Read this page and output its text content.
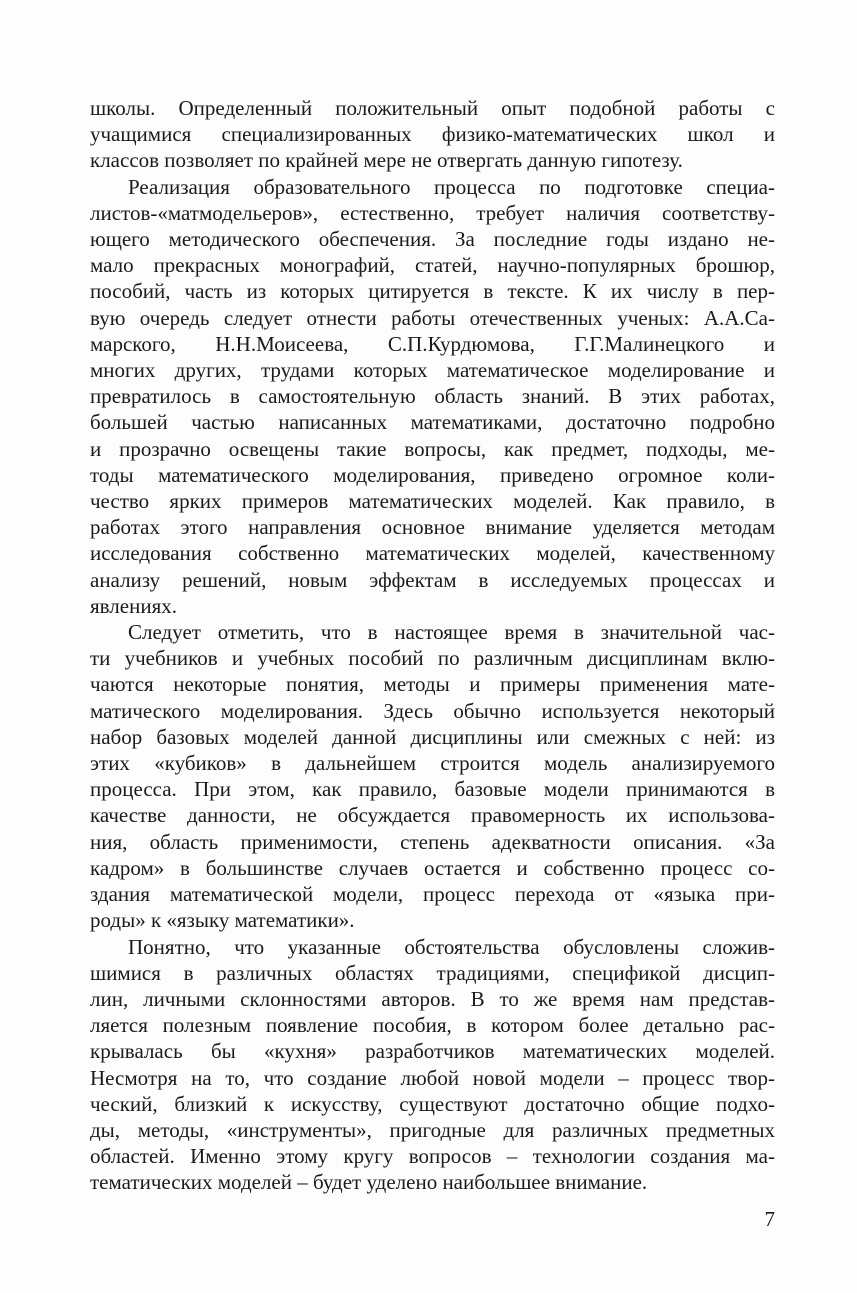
школы. Определенный положительный опыт подобной работы с
учащимися специализированных физико-математических школ и
классов позволяет по крайней мере не отвергать данную гипотезу.
Реализация образовательного процесса по подготовке специа-
листов-«матмодельеров», естественно, требует наличия соответству-
ющего методического обеспечения. За последние годы издано не-
мало прекрасных монографий, статей, научно-популярных брошюр,
пособий, часть из которых цитируется в тексте. К их числу в пер-
вую очередь следует отнести работы отечественных ученых: А.А.Са-
марского, Н.Н.Моисеева, С.П.Курдюмова, Г.Г.Малинецкого и
многих других, трудами которых математическое моделирование и
превратилось в самостоятельную область знаний. В этих работах,
большей частью написанных математиками, достаточно подробно
и прозрачно освещены такие вопросы, как предмет, подходы, ме-
тоды математического моделирования, приведено огромное коли-
чество ярких примеров математических моделей. Как правило, в
работах этого направления основное внимание уделяется методам
исследования собственно математических моделей, качественному
анализу решений, новым эффектам в исследуемых процессах и
явлениях.
Следует отметить, что в настоящее время в значительной час-
ти учебников и учебных пособий по различным дисциплинам вклю-
чаются некоторые понятия, методы и примеры применения мате-
матического моделирования. Здесь обычно используется некоторый
набор базовых моделей данной дисциплины или смежных с ней: из
этих «кубиков» в дальнейшем строится модель анализируемого
процесса. При этом, как правило, базовые модели принимаются в
качестве данности, не обсуждается правомерность их использова-
ния, область применимости, степень адекватности описания. «За
кадром» в большинстве случаев остается и собственно процесс со-
здания математической модели, процесс перехода от «языка при-
роды» к «языку математики».
Понятно, что указанные обстоятельства обусловлены сложив-
шимися в различных областях традициями, спецификой дисцип-
лин, личными склонностями авторов. В то же время нам представ-
ляется полезным появление пособия, в котором более детально рас-
крывалась бы «кухня» разработчиков математических моделей.
Несмотря на то, что создание любой новой модели – процесс твор-
ческий, близкий к искусству, существуют достаточно общие подхо-
ды, методы, «инструменты», пригодные для различных предметных
областей. Именно этому кругу вопросов – технологии создания ма-
тематических моделей – будет уделено наибольшее внимание.
7
